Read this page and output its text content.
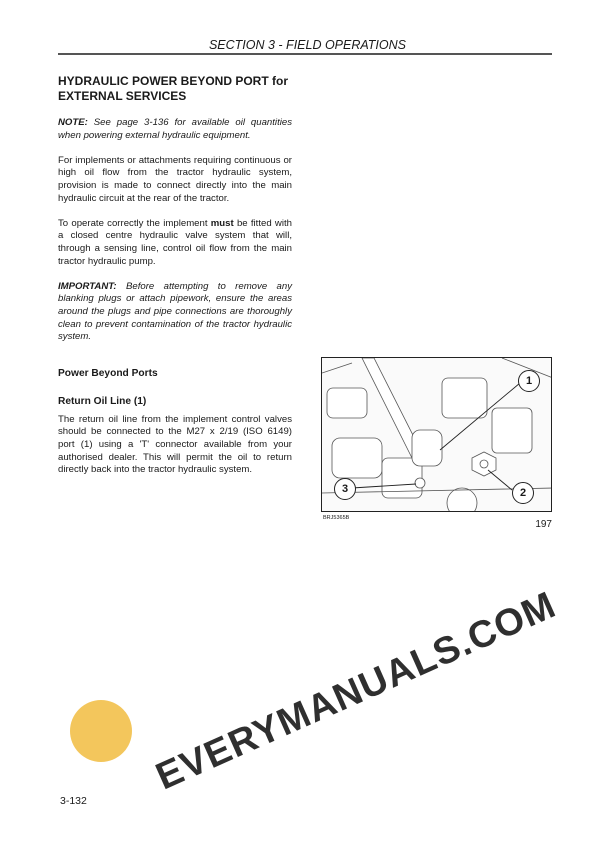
SECTION 3 - FIELD OPERATIONS
HYDRAULIC POWER BEYOND PORT for EXTERNAL SERVICES

NOTE: See page 3-136 for available oil quantities when powering external hydraulic equipment.

For implements or attachments requiring continuous or high oil flow from the tractor hydraulic system, provision is made to connect directly into the main hydraulic circuit at the rear of the tractor.

To operate correctly the implement must be fitted with a closed centre hydraulic valve system that will, through a sensing line, control oil flow from the main tractor hydraulic pump.

IMPORTANT: Before attempting to remove any blanking plugs or attach pipework, ensure the areas around the plugs and pipe connections are thoroughly clean to prevent contamination of the tractor hydraulic system.

Power Beyond Ports
Return Oil Line (1)

The return oil line from the implement control valves should be connected to the M27 x 2/19 (ISO 6149) port (1) using a 'T' connector available from your authorised dealer. This will permit the oil to return directly back into the tractor hydraulic system.

1
2
3
BRJ5365B
197
EVERYMANUALS.COM
3-132
